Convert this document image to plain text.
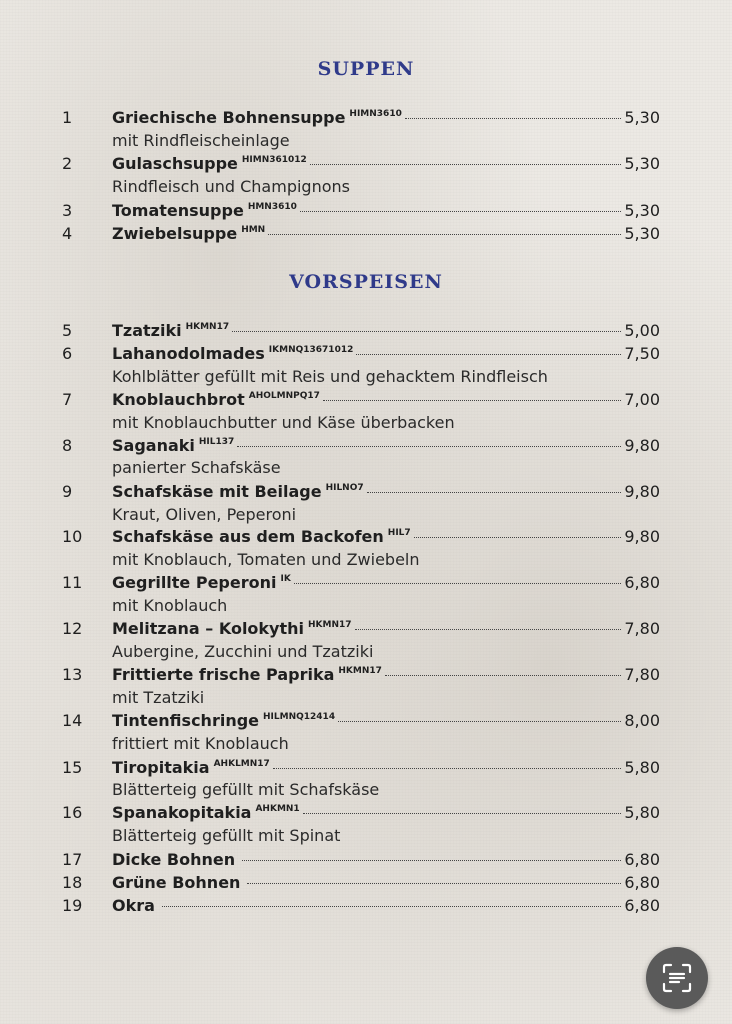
SUPPEN
1	Griechische Bohnensuppe HIMN3610	5,30
mit Rindfleischeinlage
2	Gulaschsuppe HIMN361012	5,30
Rindfleisch und Champignons
3	Tomatensuppe HMN3610	5,30
4	Zwiebelsuppe HMN	5,30
VORSPEISEN
5	Tzatziki HKMN17	5,00
6	Lahanodolmades IKMNQ13671012	7,50
Kohlblätter gefüllt mit Reis und gehacktem Rindfleisch
7	Knoblauchbrot AHOLMNPQ17	7,00
mit Knoblauchbutter und Käse überbacken
8	Saganaki HIL137	9,80
panierter Schafskäse
9	Schafskäse mit Beilage HILNO7	9,80
Kraut, Oliven, Peperoni
10	Schafskäse aus dem Backofen HIL7	9,80
mit Knoblauch, Tomaten und Zwiebeln
11	Gegrillte Peperoni IK	6,80
mit Knoblauch
12	Melitzana – Kolokythi HKMN17	7,80
Aubergine, Zucchini und Tzatziki
13	Frittierte frische Paprika HKMN17	7,80
mit Tzatziki
14	Tintenfischringe HILMNQ12414	8,00
frittiert mit Knoblauch
15	Tiropitakia AHKLMN17	5,80
Blätterteig gefüllt mit Schafskäse
16	Spanakopitakia AHKMN1	5,80
Blätterteig gefüllt mit Spinat
17	Dicke Bohnen	6,80
18	Grüne Bohnen	6,80
19	Okra	6,80
